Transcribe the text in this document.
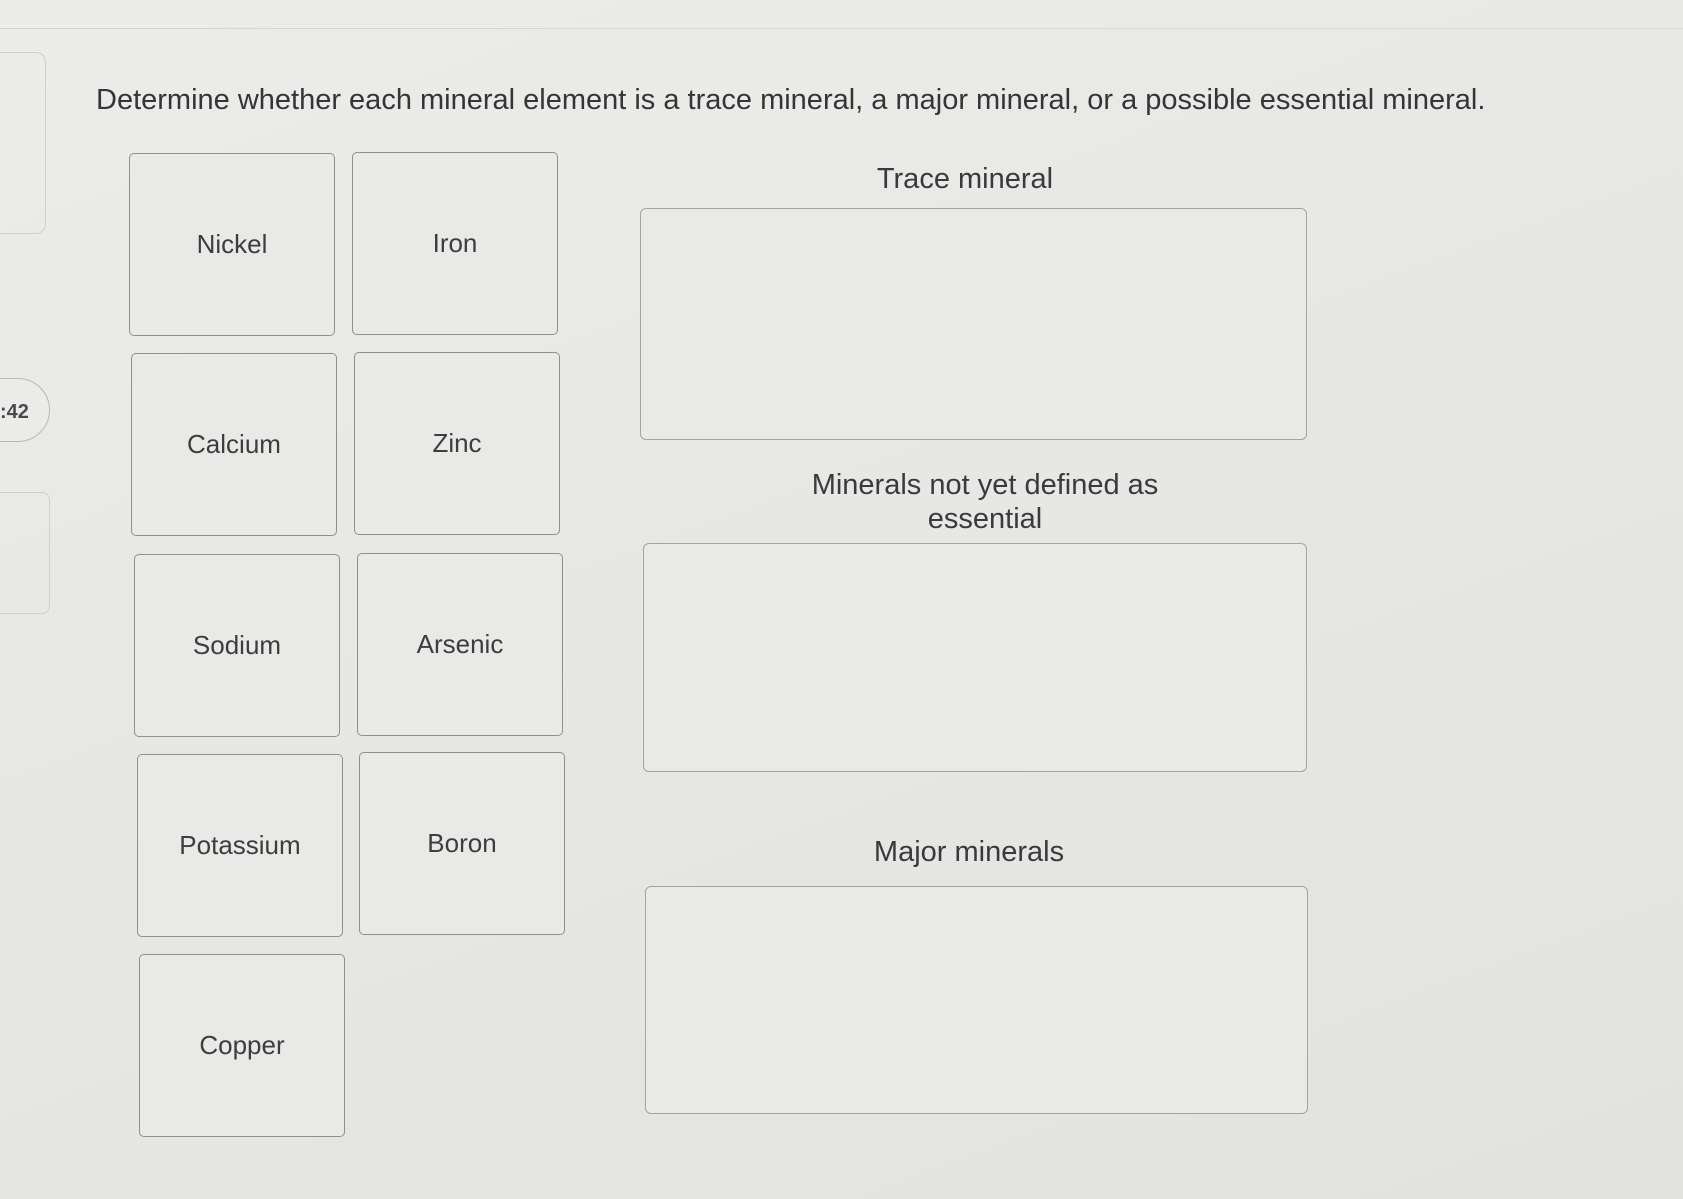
:42
Determine whether each mineral element is a trace mineral, a major mineral, or a possible essential mineral.
Nickel	Iron
Calcium	Zinc
Sodium	Arsenic
Potassium	Boron
Copper
Trace mineral
Minerals not yet defined as
essential
Major minerals
